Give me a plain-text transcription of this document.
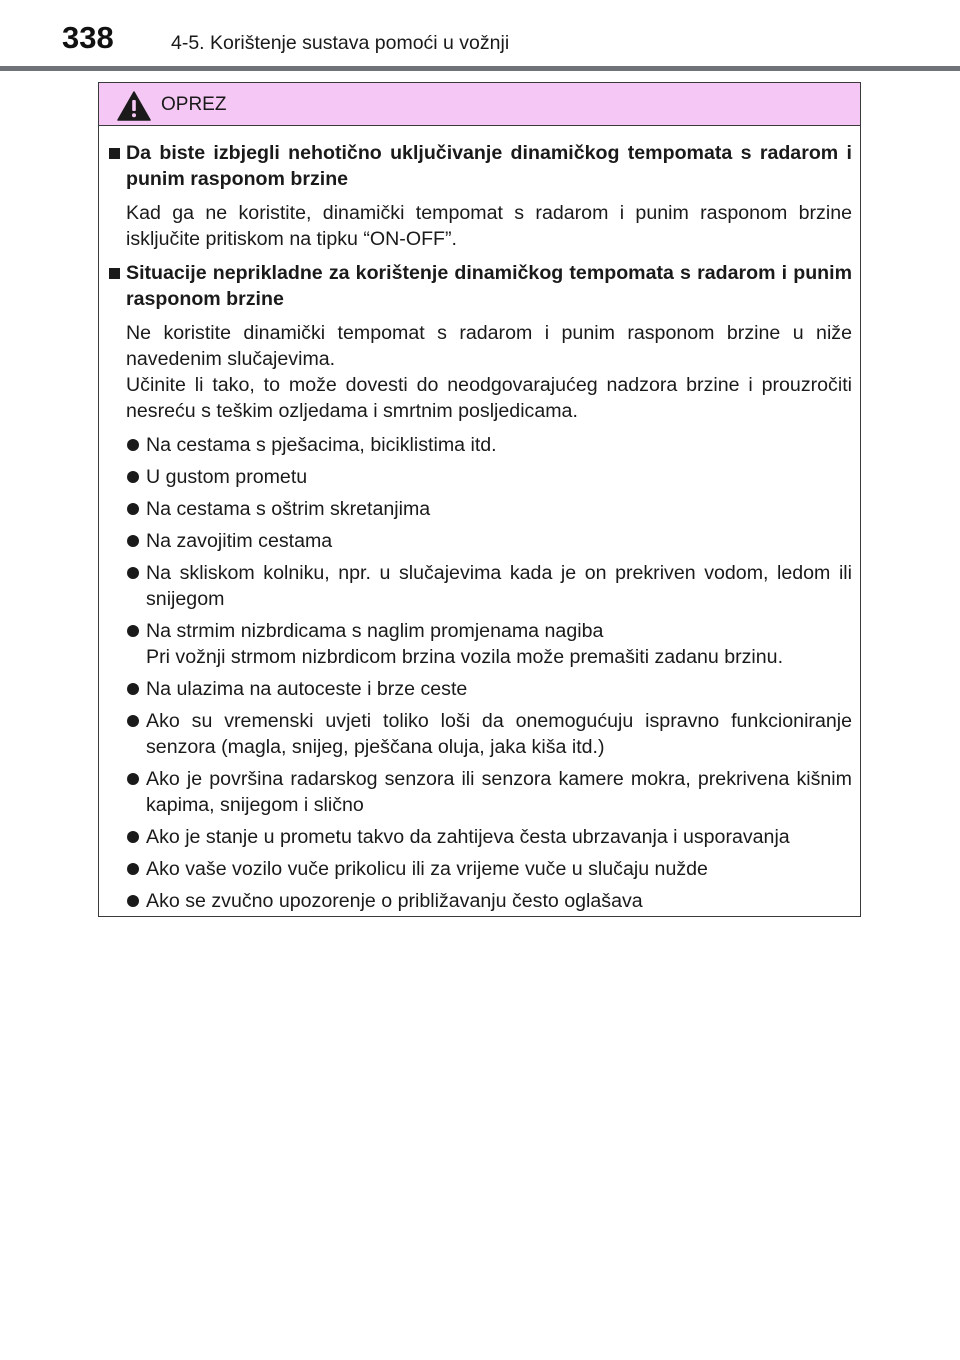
338	4-5. Korištenje sustava pomoći u vožnji
OPREZ
Da biste izbjegli nehotično uključivanje dinamičkog tempomata s radarom i punim rasponom brzine
Kad ga ne koristite, dinamički tempomat s radarom i punim rasponom brzine isključite pritiskom na tipku “ON-OFF”.
Situacije neprikladne za korištenje dinamičkog tempomata s radarom i punim rasponom brzine
Ne koristite dinamički tempomat s radarom i punim rasponom brzine u niže navedenim slučajevima.
Učinite li tako, to može dovesti do neodgovarajućeg nadzora brzine i prouzročiti nesreću s teškim ozljedama i smrtnim posljedicama.
Na cestama s pješacima, biciklistima itd.
U gustom prometu
Na cestama s oštrim skretanjima
Na zavojitim cestama
Na skliskom kolniku, npr. u slučajevima kada je on prekriven vodom, ledom ili snijegom
Na strmim nizbrdicama s naglim promjenama nagiba
Pri vožnji strmom nizbrdicom brzina vozila može premašiti zadanu brzinu.
Na ulazima na autoceste i brze ceste
Ako su vremenski uvjeti toliko loši da onemogućuju ispravno funkcioniranje senzora (magla, snijeg, pješčana oluja, jaka kiša itd.)
Ako je površina radarskog senzora ili senzora kamere mokra, prekrivena kišnim kapima, snijegom i slično
Ako je stanje u prometu takvo da zahtijeva česta ubrzavanja i usporavanja
Ako vaše vozilo vuče prikolicu ili za vrijeme vuče u slučaju nužde
Ako se zvučno upozorenje o približavanju često oglašava
